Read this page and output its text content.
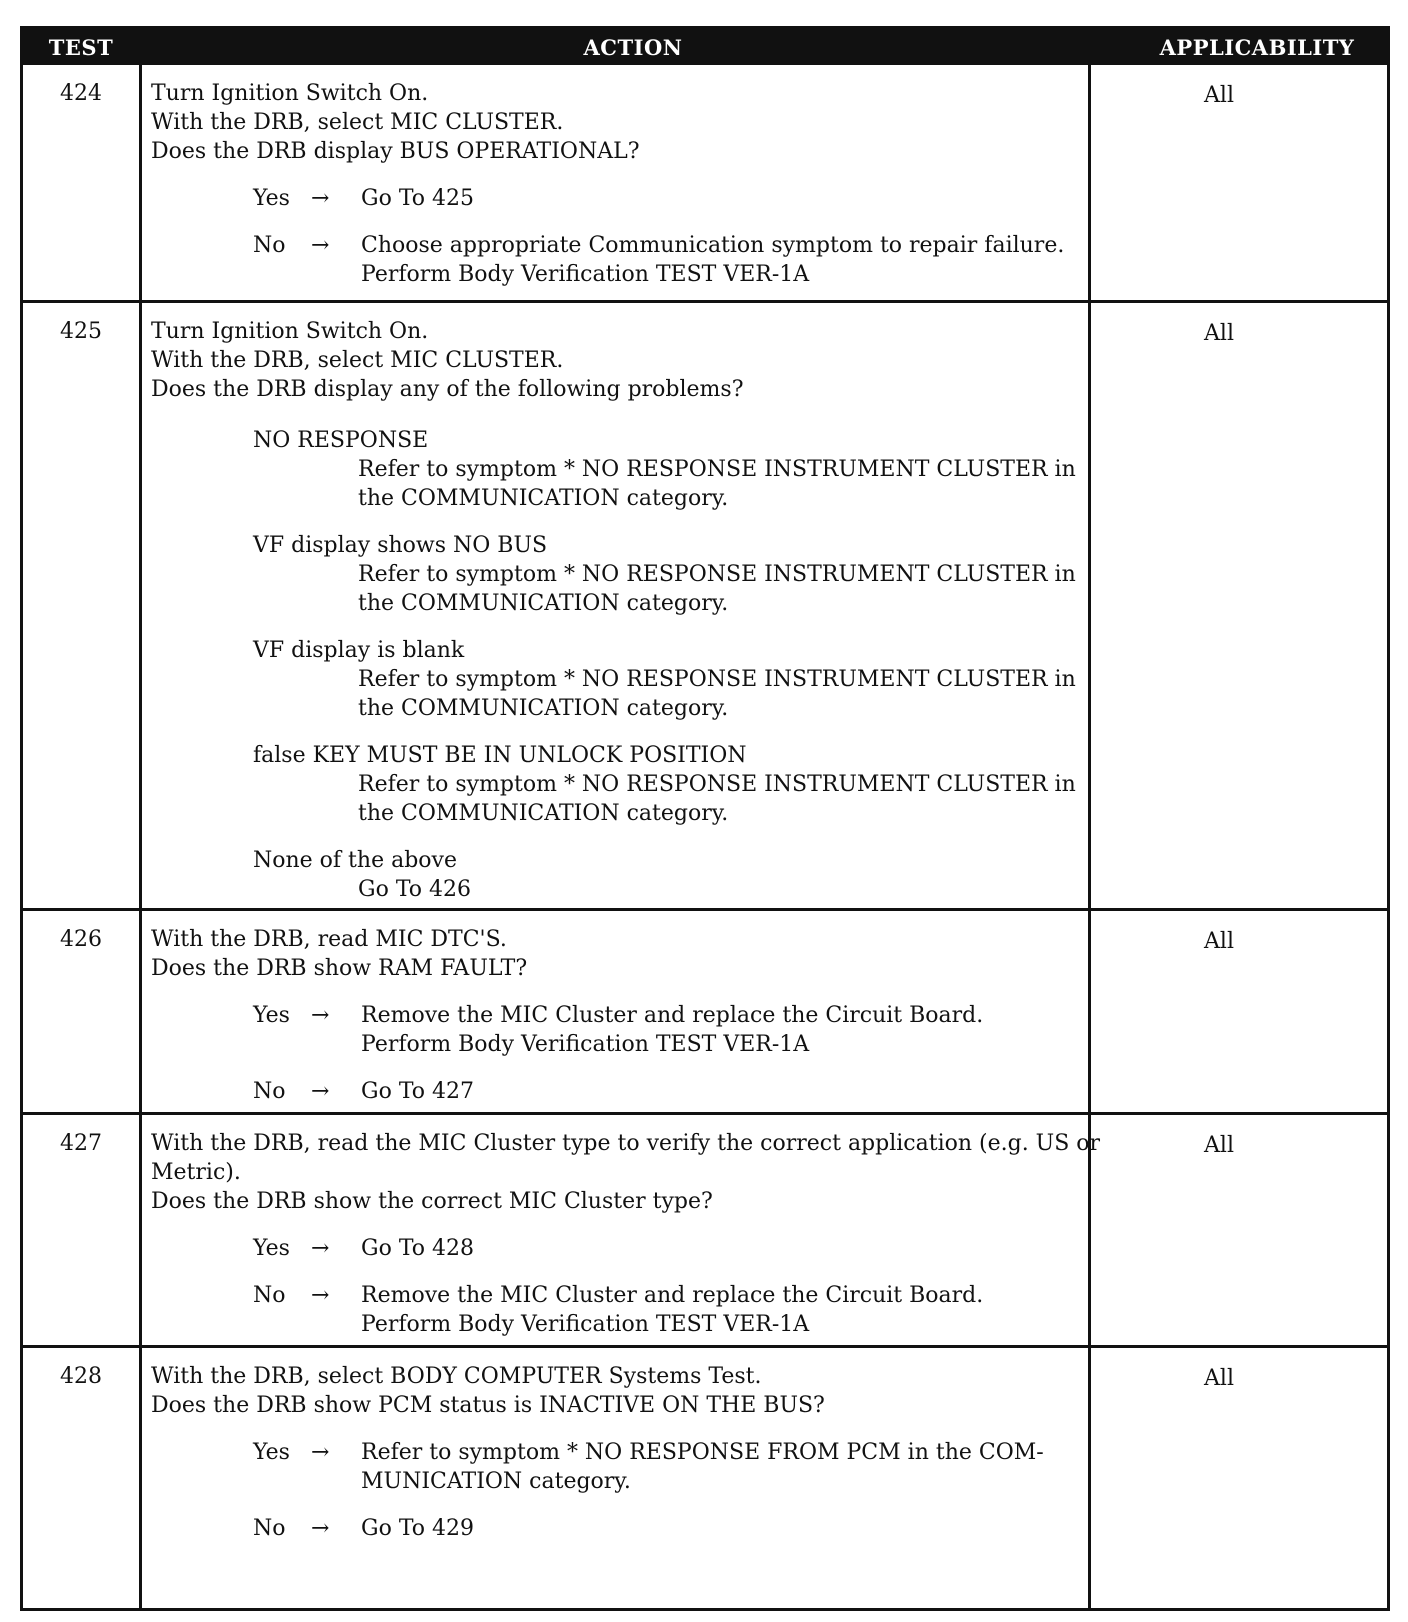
TEST	ACTION	APPLICABILITY
424	Turn Ignition Switch On.
With the DRB, select MIC CLUSTER.
Does the DRB display BUS OPERATIONAL?
Yes →	Go To 425
No	→	Choose appropriate Communication symptom to repair failure.
Perform Body Verification TEST VER-1A
All
425	Turn Ignition Switch On.
With the DRB, select MIC CLUSTER.
Does the DRB display any of the following problems?
NO RESPONSE
Refer to symptom * NO RESPONSE INSTRUMENT CLUSTER in
the COMMUNICATION category.
VF display shows NO BUS
Refer to symptom * NO RESPONSE INSTRUMENT CLUSTER in
the COMMUNICATION category.
VF display is blank
Refer to symptom * NO RESPONSE INSTRUMENT CLUSTER in
the COMMUNICATION category.
false KEY MUST BE IN UNLOCK POSITION
Refer to symptom * NO RESPONSE INSTRUMENT CLUSTER in
the COMMUNICATION category.
None of the above
Go To 426
All
426	With the DRB, read MIC DTC'S.
Does the DRB show RAM FAULT?
Yes →	Remove the MIC Cluster and replace the Circuit Board.
Perform Body Verification TEST VER-1A
No	→	Go To 427
All
427	With the DRB, read the MIC Cluster type to verify the correct application (e.g. US or
Metric).
Does the DRB show the correct MIC Cluster type?
Yes →	Go To 428
No	→	Remove the MIC Cluster and replace the Circuit Board.
Perform Body Verification TEST VER-1A
All
428	With the DRB, select BODY COMPUTER Systems Test.
Does the DRB show PCM status is INACTIVE ON THE BUS?
Yes →	Refer to symptom * NO RESPONSE FROM PCM in the COM-
MUNICATION category.
No	→	Go To 429
All
